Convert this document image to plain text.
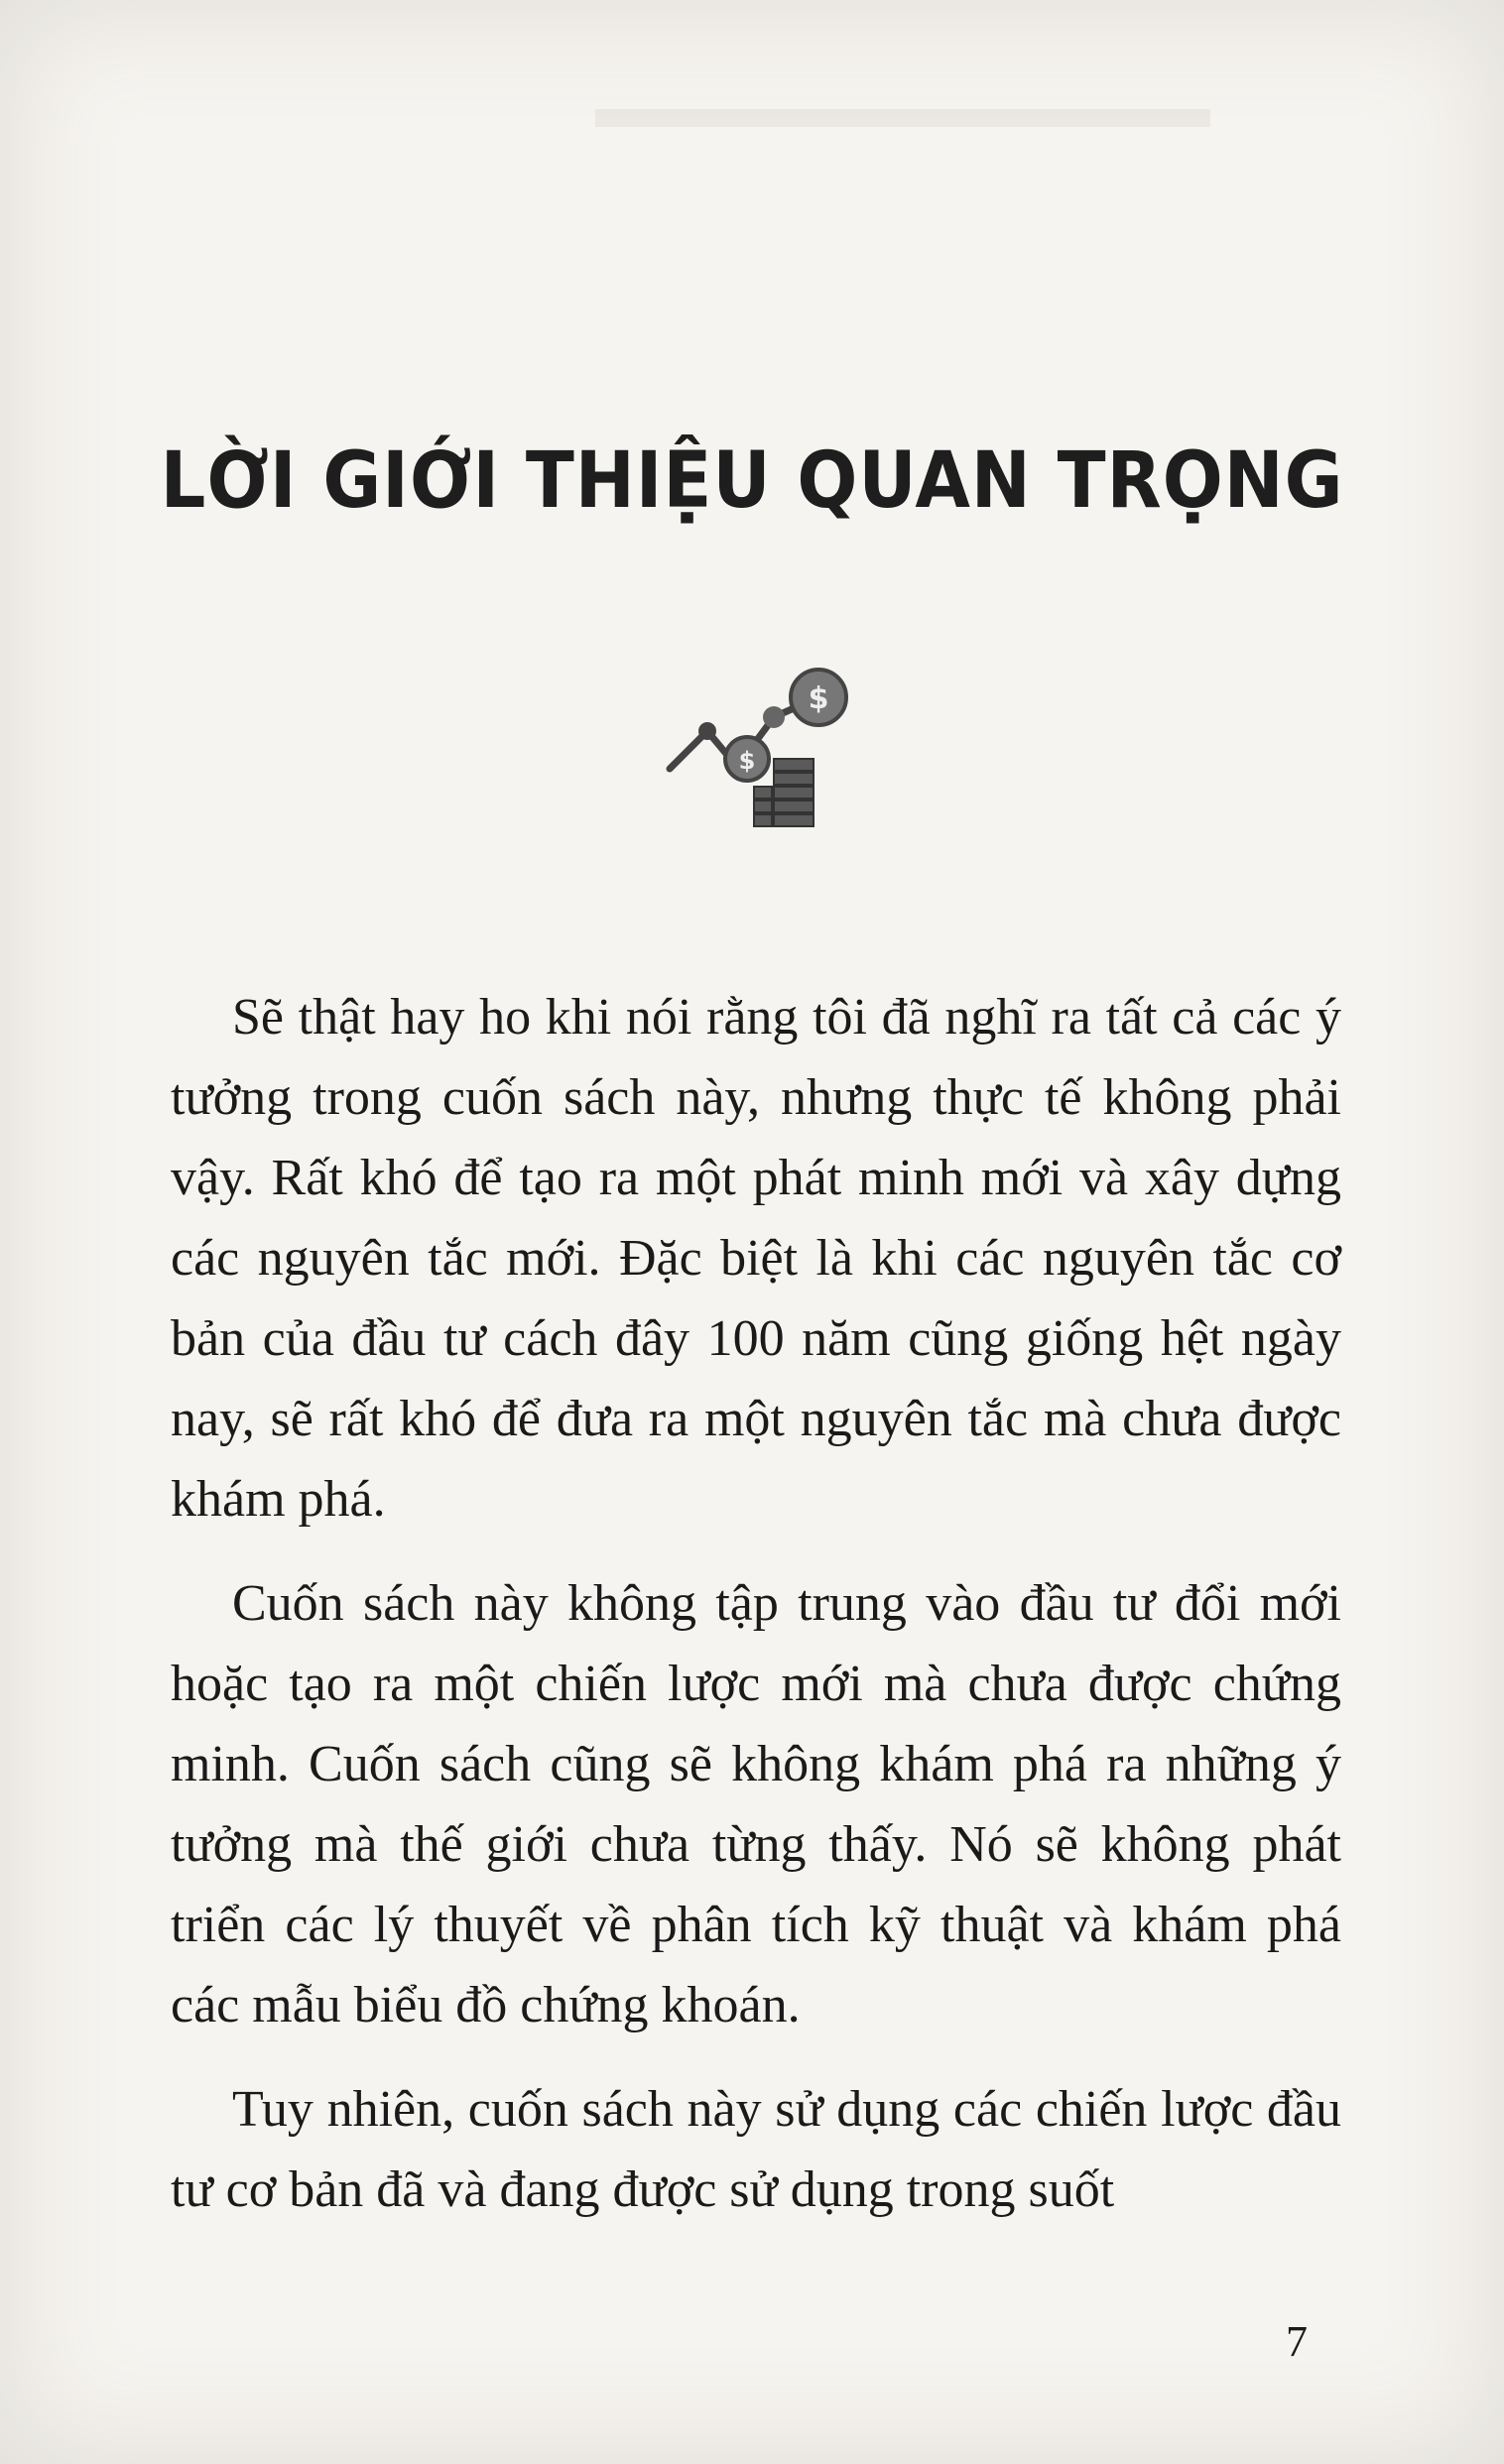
LỜI GIỚI THIỆU QUAN TRỌNG
$
$

Sẽ thật hay ho khi nói rằng tôi đã nghĩ ra tất cả các ý tưởng trong cuốn sách này, nhưng thực tế không phải vậy. Rất khó để tạo ra một phát minh mới và xây dựng các nguyên tắc mới. Đặc biệt là khi các nguyên tắc cơ bản của đầu tư cách đây 100 năm cũng giống hệt ngày nay, sẽ rất khó để đưa ra một nguyên tắc mà chưa được khám phá.

Cuốn sách này không tập trung vào đầu tư đổi mới hoặc tạo ra một chiến lược mới mà chưa được chứng minh. Cuốn sách cũng sẽ không khám phá ra những ý tưởng mà thế giới chưa từng thấy. Nó sẽ không phát triển các lý thuyết về phân tích kỹ thuật và khám phá các mẫu biểu đồ chứng khoán.

Tuy nhiên, cuốn sách này sử dụng các chiến lược đầu tư cơ bản đã và đang được sử dụng trong suốt

7
